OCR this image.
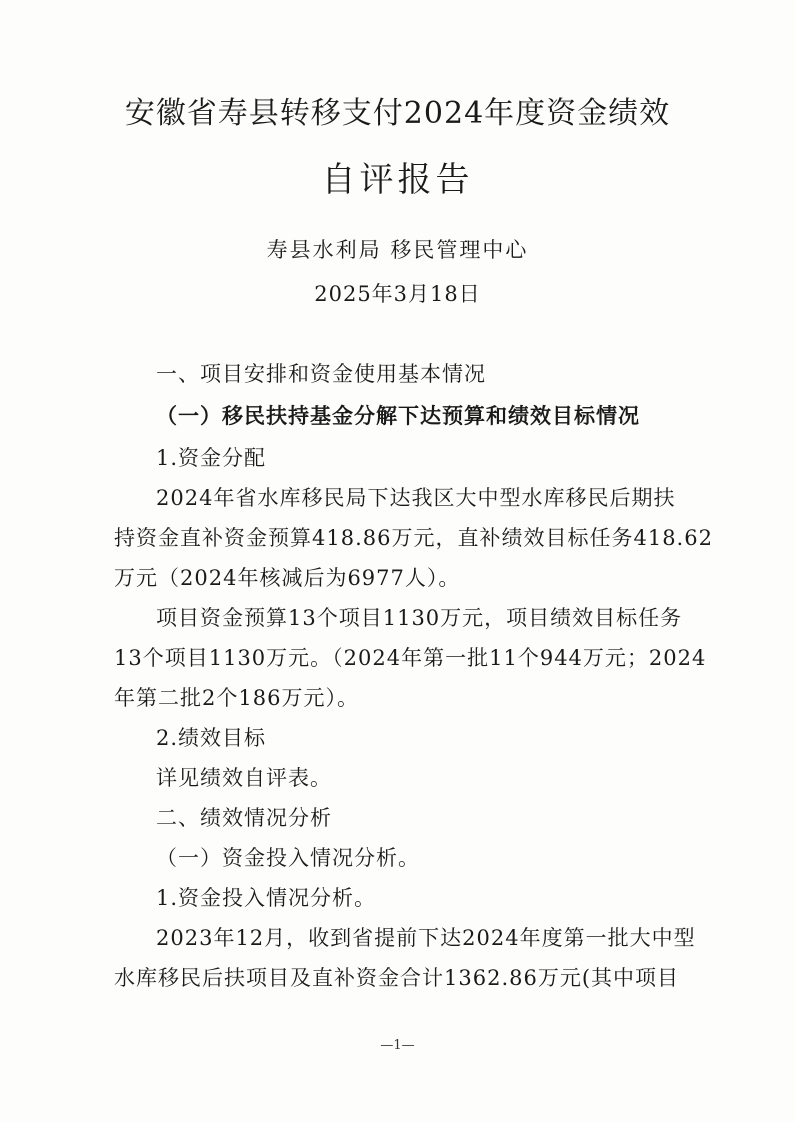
安徽省寿县转移支付2024年度资金绩效
自评报告
寿县水利局 移民管理中心
2025年3月18日
一、项目安排和资金使用基本情况
（一）移民扶持基金分解下达预算和绩效目标情况
1.资金分配
2024年省水库移民局下达我区大中型水库移民后期扶
持资金直补资金预算418.86万元，直补绩效目标任务418.62
万元（2024年核减后为6977人）。
项目资金预算13个项目1130万元，项目绩效目标任务
13个项目1130万元。（2024年第一批11个944万元；2024
年第二批2个186万元）。
2.绩效目标
详见绩效自评表。
二、绩效情况分析
（一）资金投入情况分析。
1.资金投入情况分析。
2023年12月，收到省提前下达2024年度第一批大中型
水库移民后扶项目及直补资金合计1362.86万元(其中项目
—1—
